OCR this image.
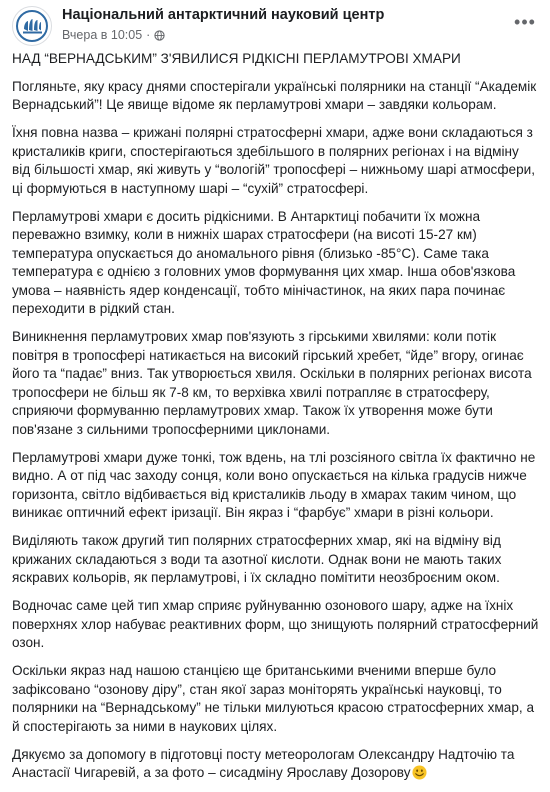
Національний антарктичний науковий центр
Вчера в 10:05 ·
•••

НАД “ВЕРНАДСЬКИМ” З'ЯВИЛИСЯ РІДКІСНІ ПЕРЛАМУТРОВІ ХМАРИ

Погляньте, яку красу днями спостерігали українські полярники на станції “Академік Вернадський”! Це явище відоме як перламутрові хмари – завдяки кольорам.

Їхня повна назва – крижані полярні стратосферні хмари, адже вони складаються з кристаликів криги, спостерігаються здебільшого в полярних регіонах і на відміну від більшості хмар, які живуть у “вологій” тропосфері – нижньому шарі атмосфери, ці формуються в наступному шарі – “сухій” стратосфері.

Перламутрові хмари є досить рідкісними. В Антарктиці побачити їх можна переважно взимку, коли в нижніх шарах стратосфери (на висоті 15-27 км) температура опускається до аномального рівня (близько -85°С). Саме така температура є однією з головних умов формування цих хмар. Інша обов'язкова умова – наявність ядер конденсації, тобто мінічастинок, на яких пара починає переходити в рідкий стан.

Виникнення перламутрових хмар пов'язують з гірськими хвилями: коли потік повітря в тропосфері натикається на високий гірський хребет, “йде” вгору, огинає його та “падає” вниз. Так утворюється хвиля. Оскільки в полярних регіонах висота тропосфери не більш як 7-8 км, то верхівка хвилі потрапляє в стратосферу, сприяючи формуванню перламутрових хмар. Також їх утворення може бути пов'язане з сильними тропосферними циклонами.

Перламутрові хмари дуже тонкі, тож вдень, на тлі розсіяного світла їх фактично не видно. А от під час заходу сонця, коли воно опускається на кілька градусів нижче горизонта, світло відбивається від кристаликів льоду в хмарах таким чином, що виникає оптичний ефект іризації. Він якраз і “фарбує” хмари в різні кольори.

Виділяють також другий тип полярних стратосферних хмар, які на відміну від крижаних складаються з води та азотної кислоти. Однак вони не мають таких яскравих кольорів, як перламутрові, і їх складно помітити неозброєним оком.

Водночас саме цей тип хмар сприяє руйнуванню озонового шару, адже на їхніх поверхнях хлор набуває реактивних форм, що знищують полярний стратосферний озон.

Оскільки якраз над нашою станцією ще британськими вченими вперше було зафіксовано “озонову діру”, стан якої зараз моніторять українські науковці, то полярники на “Вернадському” не тільки милуються красою стратосферних хмар, а й спостерігають за ними в наукових цілях.

Дякуємо за допомогу в підготовці посту метеорологам Олександру Надточію та Анастасії Чигаревій, а за фото – сисадміну Ярославу Дозорову
